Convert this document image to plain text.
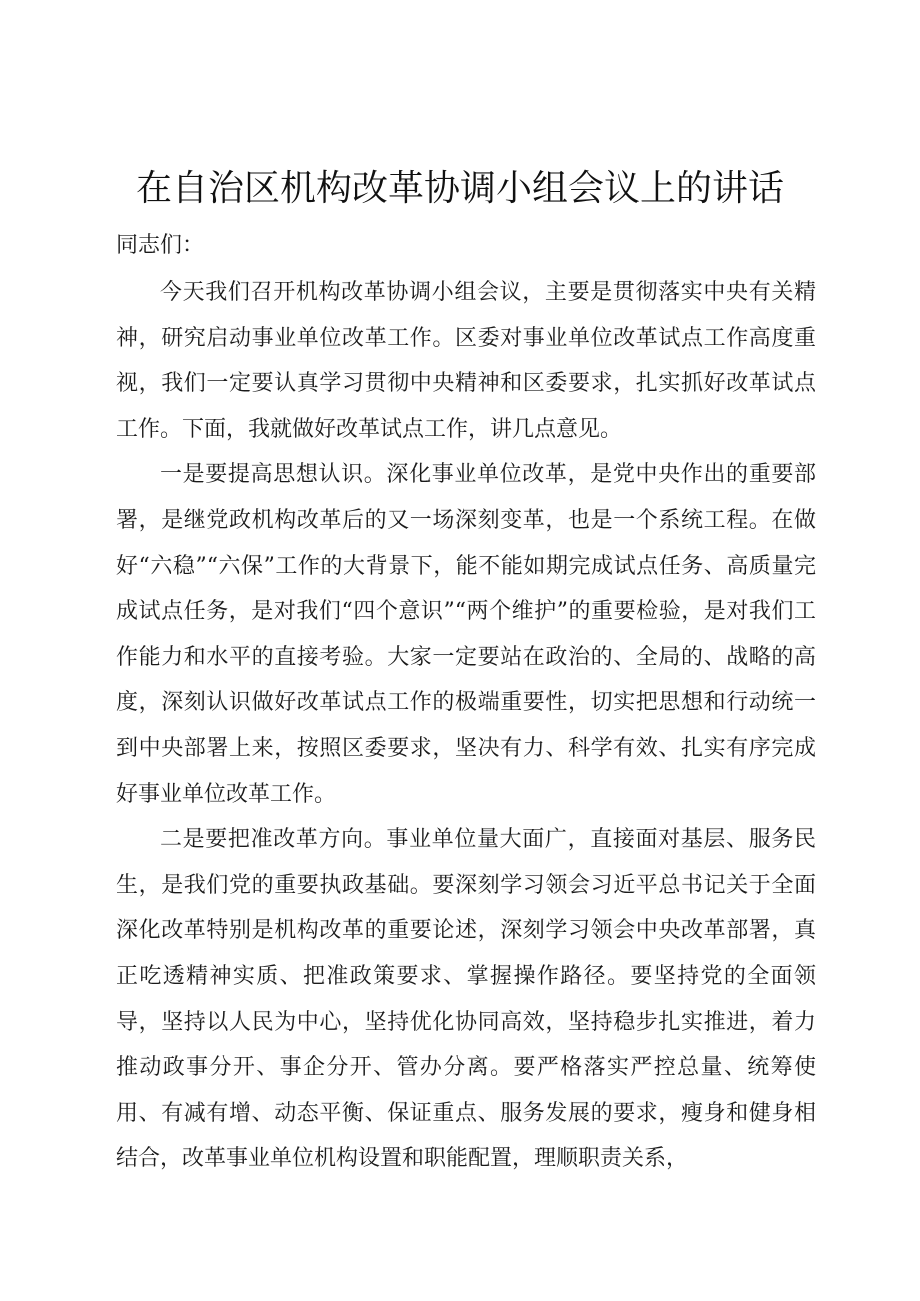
在自治区机构改革协调小组会议上的讲话

同志们：

今天我们召开机构改革协调小组会议，主要是贯彻落实中央有关精神，研究启动事业单位改革工作。区委对事业单位改革试点工作高度重视，我们一定要认真学习贯彻中央精神和区委要求，扎实抓好改革试点工作。下面，我就做好改革试点工作，讲几点意见。

一是要提高思想认识。深化事业单位改革，是党中央作出的重要部署，是继党政机构改革后的又一场深刻变革，也是一个系统工程。在做好“六稳”“六保”工作的大背景下，能不能如期完成试点任务、高质量完成试点任务，是对我们“四个意识”“两个维护”的重要检验，是对我们工作能力和水平的直接考验。大家一定要站在政治的、全局的、战略的高度，深刻认识做好改革试点工作的极端重要性，切实把思想和行动统一到中央部署上来，按照区委要求，坚决有力、科学有效、扎实有序完成好事业单位改革工作。

二是要把准改革方向。事业单位量大面广，直接面对基层、服务民生，是我们党的重要执政基础。要深刻学习领会习近平总书记关于全面深化改革特别是机构改革的重要论述，深刻学习领会中央改革部署，真正吃透精神实质、把准政策要求、掌握操作路径。要坚持党的全面领导，坚持以人民为中心，坚持优化协同高效，坚持稳步扎实推进，着力推动政事分开、事企分开、管办分离。要严格落实严控总量、统筹使用、有减有增、动态平衡、保证重点、服务发展的要求，瘦身和健身相结合，改革事业单位机构设置和职能配置，理顺职责关系，
